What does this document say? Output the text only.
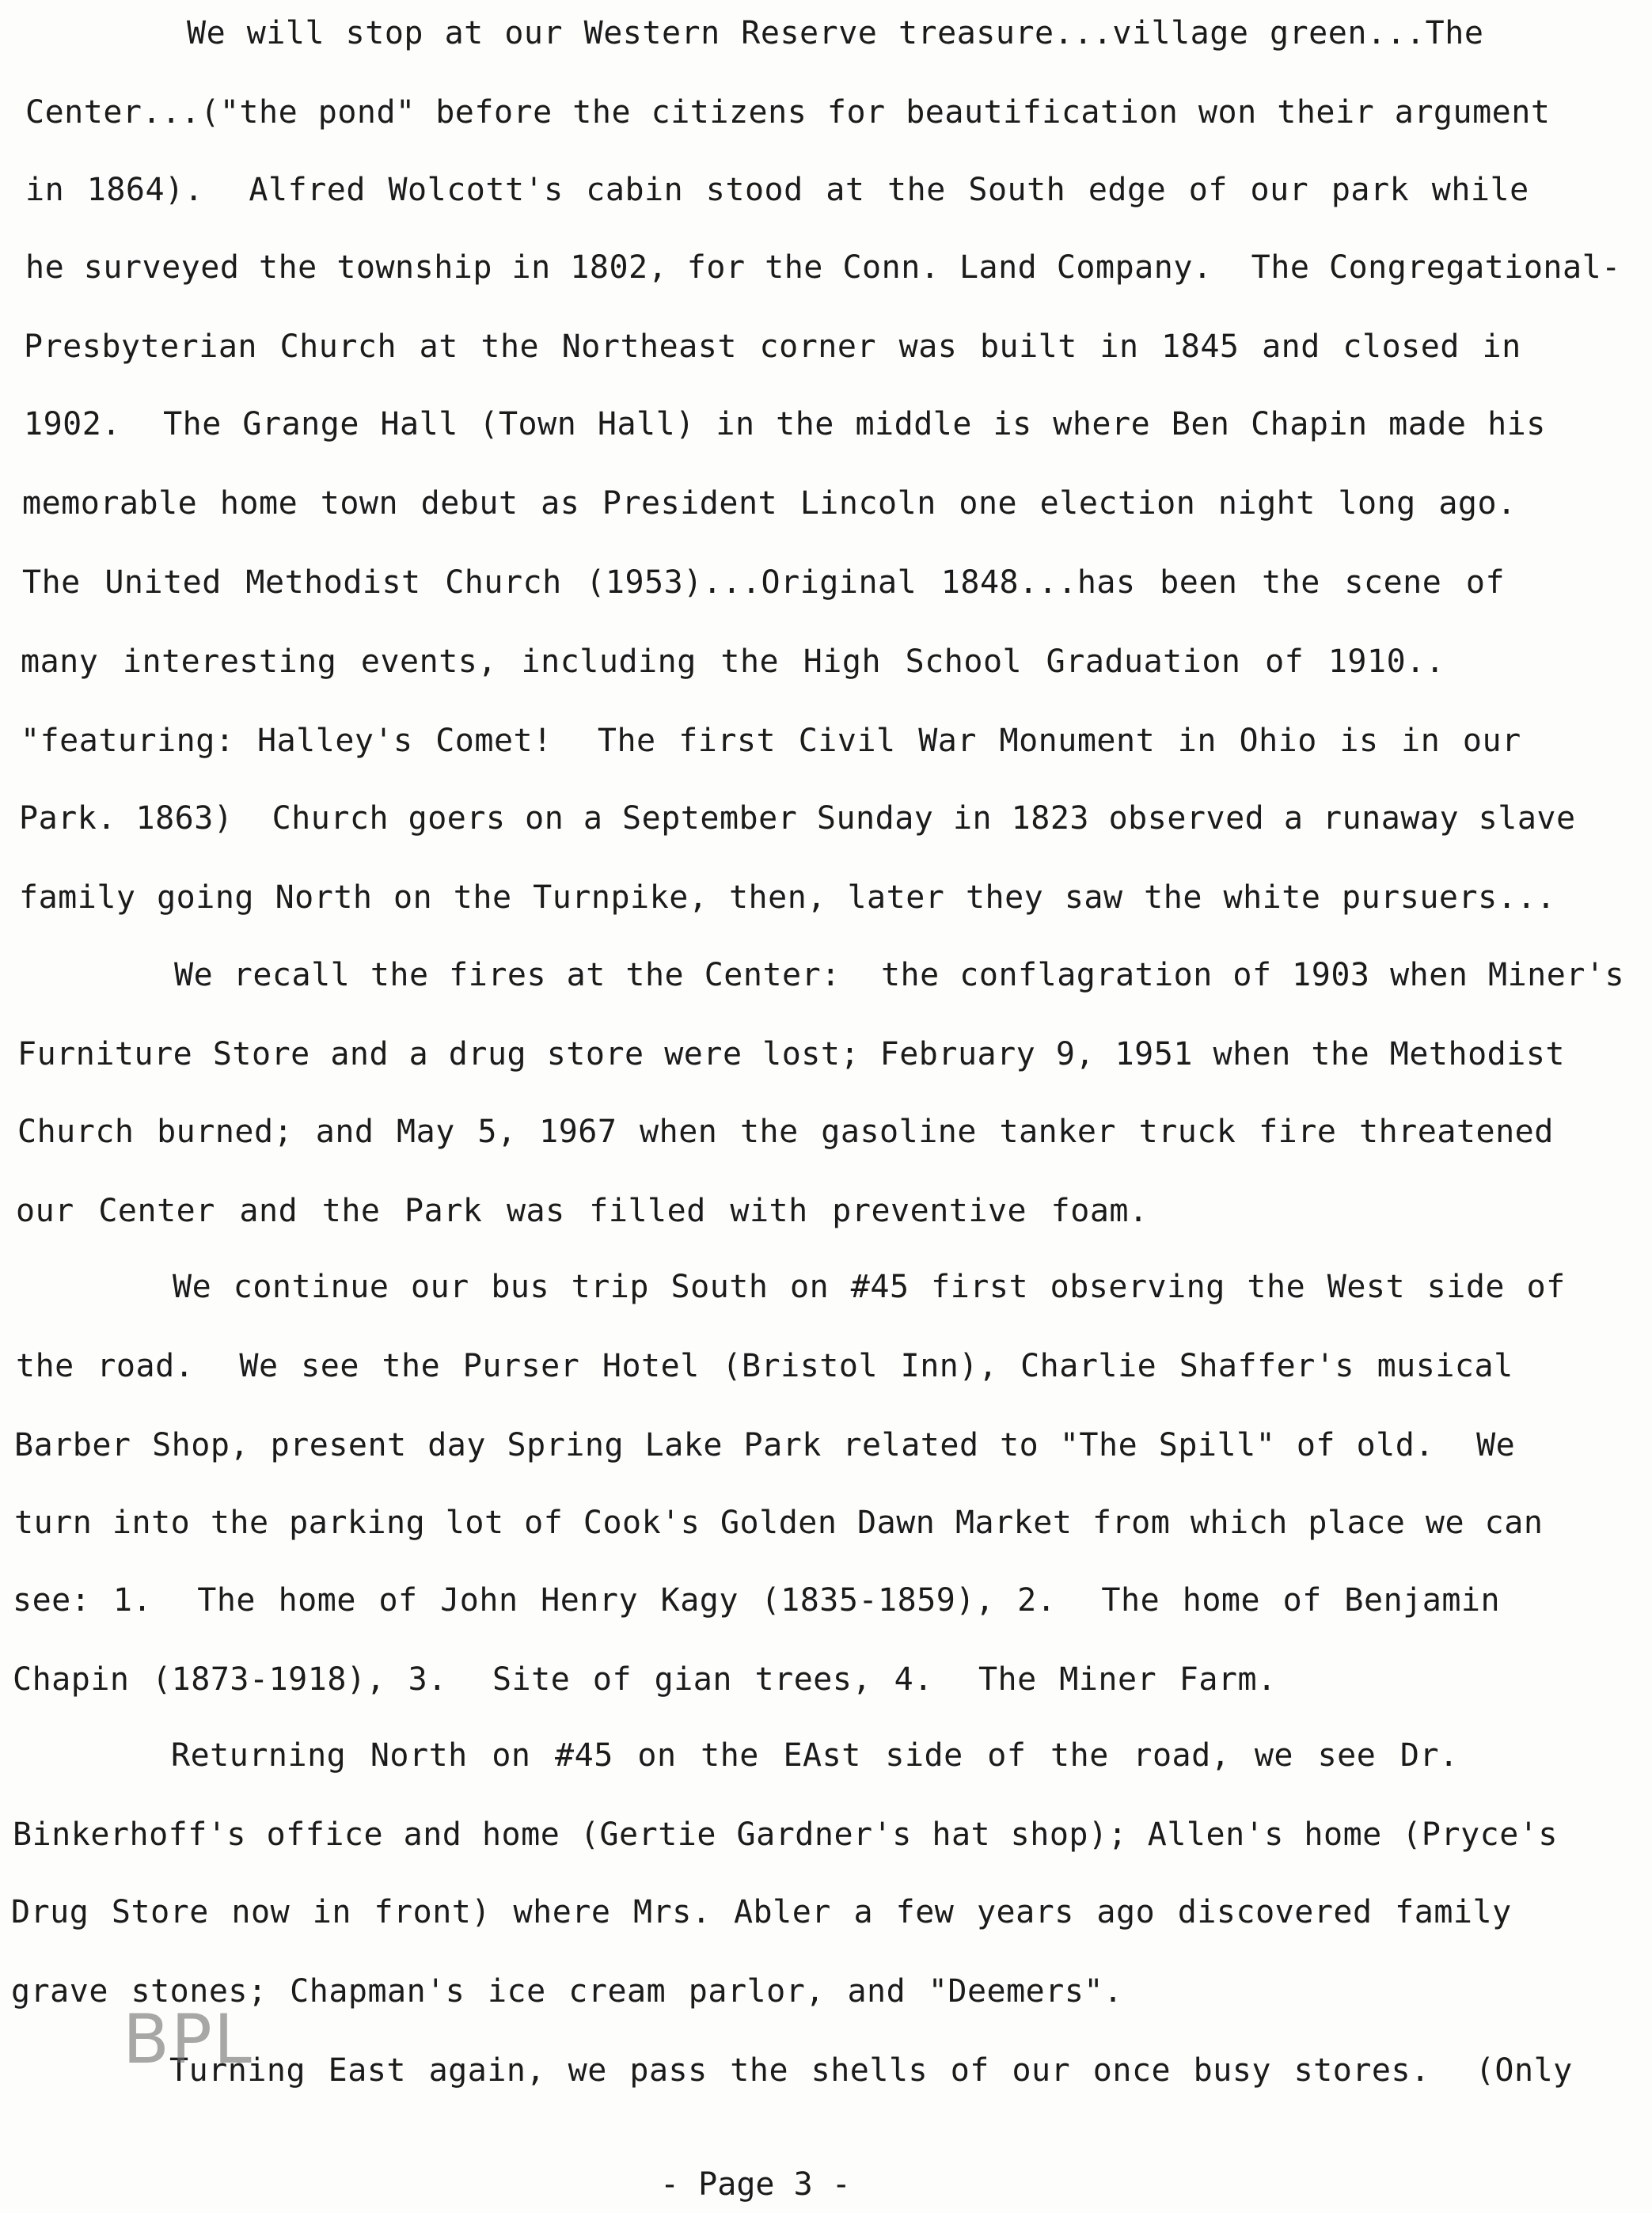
We will stop at our Western Reserve treasure...village green...The
Center...("the pond" before the citizens for beautification won their argument
in 1864).  Alfred Wolcott's cabin stood at the South edge of our park while
he surveyed the township in 1802, for the Conn. Land Company.  The Congregational-
Presbyterian Church at the Northeast corner was built in 1845 and closed in
1902.  The Grange Hall (Town Hall) in the middle is where Ben Chapin made his
memorable home town debut as President Lincoln one election night long ago.
The United Methodist Church (1953)...Original 1848...has been the scene of
many interesting events, including the High School Graduation of 1910..
"featuring: Halley's Comet!  The first Civil War Monument in Ohio is in our
Park. 1863)  Church goers on a September Sunday in 1823 observed a runaway slave
family going North on the Turnpike, then, later they saw the white pursuers...
We recall the fires at the Center:  the conflagration of 1903 when Miner's
Furniture Store and a drug store were lost; February 9, 1951 when the Methodist
Church burned; and May 5, 1967 when the gasoline tanker truck fire threatened
our Center and the Park was filled with preventive foam.
We continue our bus trip South on #45 first observing the West side of
the road.  We see the Purser Hotel (Bristol Inn), Charlie Shaffer's musical
Barber Shop, present day Spring Lake Park related to "The Spill" of old.  We
turn into the parking lot of Cook's Golden Dawn Market from which place we can
see: 1.  The home of John Henry Kagy (1835-1859), 2.  The home of Benjamin
Chapin (1873-1918), 3.  Site of gian trees, 4.  The Miner Farm.
Returning North on #45 on the EAst side of the road, we see Dr.
Binkerhoff's office and home (Gertie Gardner's hat shop); Allen's home (Pryce's
Drug Store now in front) where Mrs. Abler a few years ago discovered family
grave stones; Chapman's ice cream parlor, and "Deemers".
Turning East again, we pass the shells of our once busy stores.  (Only
BPL
- Page 3 -
